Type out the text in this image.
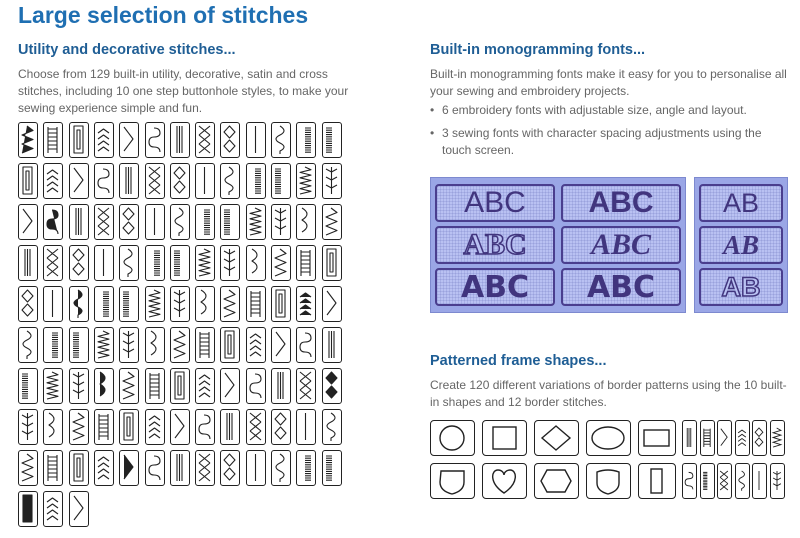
Large selection of stitches
Utility and decorative stitches...

Choose from 129 built-in utility, decorative, satin and cross stitches, including 10 one step buttonhole styles, to make your sewing experience simple and fun.

Built-in monogramming fonts...

Built-in monogramming fonts make it easy for you to personalise all your sewing and embroidery projects.

• 6 embroidery fonts with adjustable size, angle and layout.
• 3 sewing fonts with character spacing adjustments using the touch screen.
ABC	ABC
ABC	ABC
ABC	ABC
AB
AB
AB
Patterned frame shapes...

Create 120 different variations of border patterns using the 10 built-in shapes and 12 border stitches.
